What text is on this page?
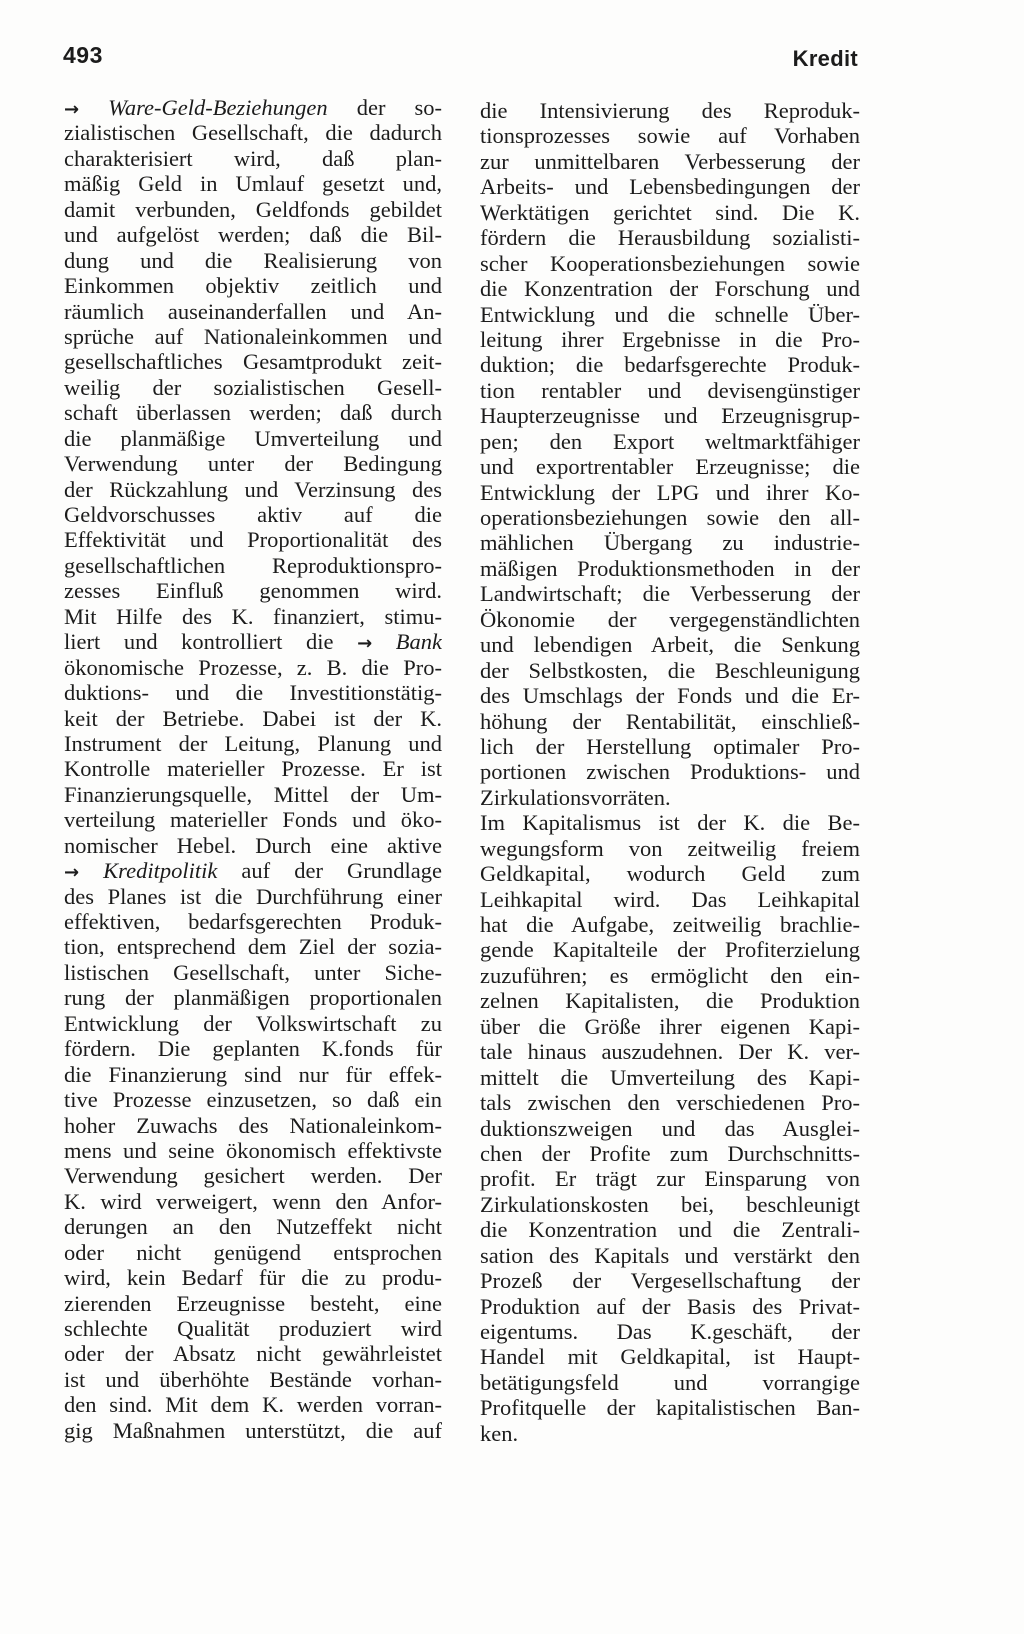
493	Kredit
→ Ware-Geld-Beziehungen der so-
zialistischen Gesellschaft, die dadurch
charakterisiert wird, daß plan-
mäßig Geld in Umlauf gesetzt und,
damit verbunden, Geldfonds gebildet
und aufgelöst werden; daß die Bil-
dung und die Realisierung von
Einkommen objektiv zeitlich und
räumlich auseinanderfallen und An-
sprüche auf Nationaleinkommen und
gesellschaftliches Gesamtprodukt zeit-
weilig der sozialistischen Gesell-
schaft überlassen werden; daß durch
die planmäßige Umverteilung und
Verwendung unter der Bedingung
der Rückzahlung und Verzinsung des
Geldvorschusses aktiv auf die
Effektivität und Proportionalität des
gesellschaftlichen Reproduktionspro-
zesses Einfluß genommen wird.
Mit Hilfe des K. finanziert, stimu-
liert und kontrolliert die → Bank
ökonomische Prozesse, z. B. die Pro-
duktions- und die Investitionstätig-
keit der Betriebe. Dabei ist der K.
Instrument der Leitung, Planung und
Kontrolle materieller Prozesse. Er ist
Finanzierungsquelle, Mittel der Um-
verteilung materieller Fonds und öko-
nomischer Hebel. Durch eine aktive
→ Kreditpolitik auf der Grundlage
des Planes ist die Durchführung einer
effektiven, bedarfsgerechten Produk-
tion, entsprechend dem Ziel der sozia-
listischen Gesellschaft, unter Siche-
rung der planmäßigen proportionalen
Entwicklung der Volkswirtschaft zu
fördern. Die geplanten K.fonds für
die Finanzierung sind nur für effek-
tive Prozesse einzusetzen, so daß ein
hoher Zuwachs des Nationaleinkom-
mens und seine ökonomisch effektivste
Verwendung gesichert werden. Der
K. wird verweigert, wenn den Anfor-
derungen an den Nutzeffekt nicht
oder nicht genügend entsprochen
wird, kein Bedarf für die zu produ-
zierenden Erzeugnisse besteht, eine
schlechte Qualität produziert wird
oder der Absatz nicht gewährleistet
ist und überhöhte Bestände vorhan-
den sind. Mit dem K. werden vorran-
gig Maßnahmen unterstützt, die auf
die Intensivierung des Reproduk-
tionsprozesses sowie auf Vorhaben
zur unmittelbaren Verbesserung der
Arbeits- und Lebensbedingungen der
Werktätigen gerichtet sind. Die K.
fördern die Herausbildung sozialisti-
scher Kooperationsbeziehungen sowie
die Konzentration der Forschung und
Entwicklung und die schnelle Über-
leitung ihrer Ergebnisse in die Pro-
duktion; die bedarfsgerechte Produk-
tion rentabler und devisengünstiger
Haupterzeugnisse und Erzeugnisgrup-
pen; den Export weltmarktfähiger
und exportrentabler Erzeugnisse; die
Entwicklung der LPG und ihrer Ko-
operationsbeziehungen sowie den all-
mählichen Übergang zu industrie-
mäßigen Produktionsmethoden in der
Landwirtschaft; die Verbesserung der
Ökonomie der vergegenständlichten
und lebendigen Arbeit, die Senkung
der Selbstkosten, die Beschleunigung
des Umschlags der Fonds und die Er-
höhung der Rentabilität, einschließ-
lich der Herstellung optimaler Pro-
portionen zwischen Produktions- und
Zirkulationsvorräten.
Im Kapitalismus ist der K. die Be-
wegungsform von zeitweilig freiem
Geldkapital, wodurch Geld zum
Leihkapital wird. Das Leihkapital
hat die Aufgabe, zeitweilig brachlie-
gende Kapitalteile der Profiterzielung
zuzuführen; es ermöglicht den ein-
zelnen Kapitalisten, die Produktion
über die Größe ihrer eigenen Kapi-
tale hinaus auszudehnen. Der K. ver-
mittelt die Umverteilung des Kapi-
tals zwischen den verschiedenen Pro-
duktionszweigen und das Ausglei-
chen der Profite zum Durchschnitts-
profit. Er trägt zur Einsparung von
Zirkulationskosten bei, beschleunigt
die Konzentration und die Zentrali-
sation des Kapitals und verstärkt den
Prozeß der Vergesellschaftung der
Produktion auf der Basis des Privat-
eigentums. Das K.geschäft, der
Handel mit Geldkapital, ist Haupt-
betätigungsfeld und vorrangige
Profitquelle der kapitalistischen Ban-
ken.
